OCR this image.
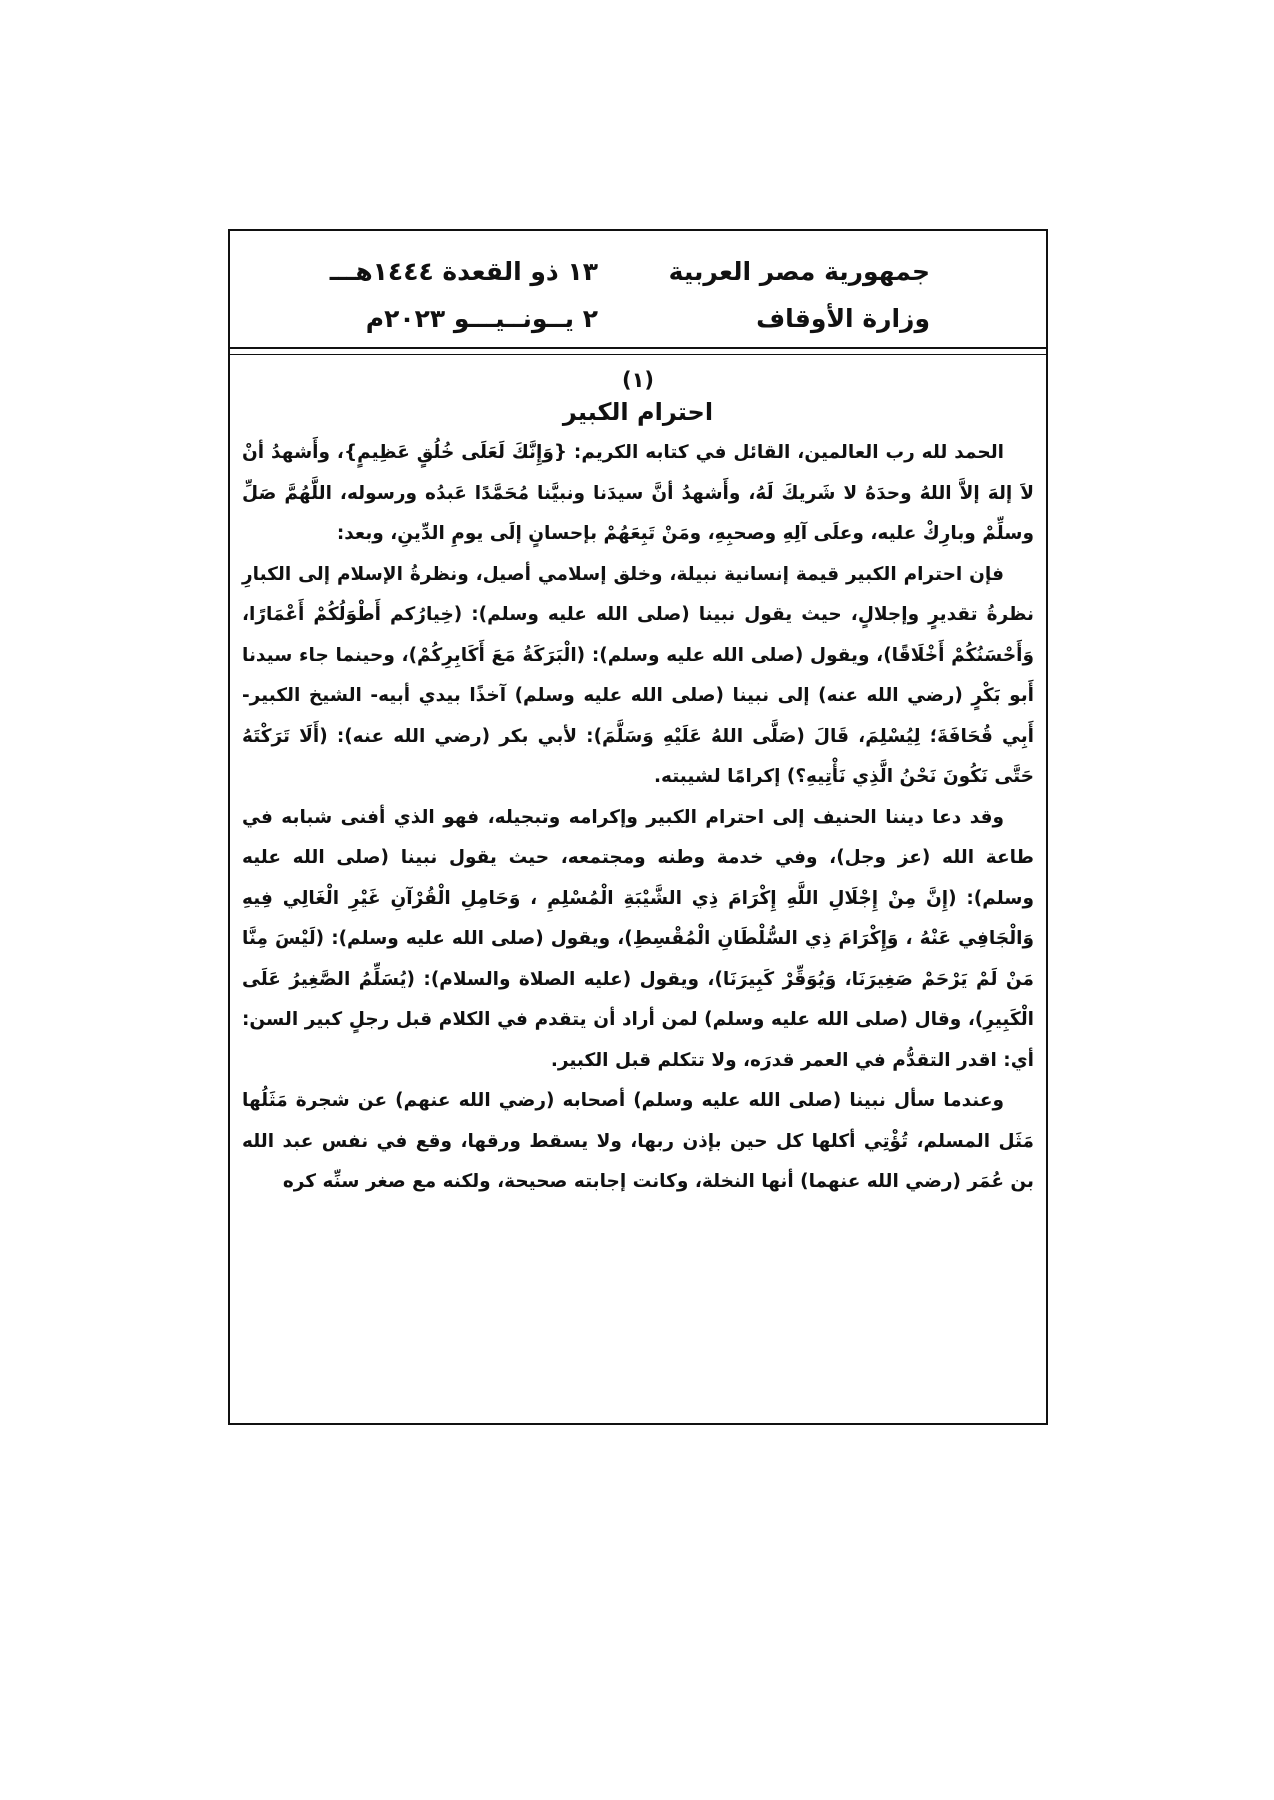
جمهورية مصر العربية
وزارة الأوقاف
١٣ ذو القعدة ١٤٤٤هـــ
٢ يــونــيـــو ٢٠٢٣م
(١)
احترام الكبير

الحمد لله رب العالمين، القائل في كتابه الكريم: {وَإِنَّكَ لَعَلَى خُلُقٍ عَظِيمٍ}، وأَشهدُ أنْ لاَ إلهَ إلاَّ اللهُ وحدَهُ لا شَريكَ لَهُ، وأَشهدُ أنَّ سيدَنا ونبيَّنا مُحَمَّدًا عَبدُه ورسوله، اللَّهُمَّ صَلِّ وسلِّمْ وبارِكْ عليه، وعلَى آلِهِ وصحبِهِ، ومَنْ تَبِعَهُمْ بإحسانٍ إلَى يومِ الدِّينِ، وبعد:

فإن احترام الكبير قيمة إنسانية نبيلة، وخلق إسلامي أصيل، ونظرةُ الإسلام إلى الكبارِ نظرةُ تقديرٍ وإجلالٍ، حيث يقول نبينا (صلى الله عليه وسلم): (خِيارُكم أَطْوَلُكُمْ أَعْمَارًا، وَأَحْسَنُكُمْ أَخْلَاقًا)، ويقول (صلى الله عليه وسلم): (الْبَرَكَةُ مَعَ أَكَابِرِكُمْ)، وحينما جاء سيدنا أَبو بَكْرٍ (رضي الله عنه) إلى نبينا (صلى الله عليه وسلم) آخذًا بيدي أبيه- الشيخ الكبير- أَبِي قُحَافَةَ؛ لِيُسْلِمَ، قَالَ (صَلَّى اللهُ عَلَيْهِ وَسَلَّمَ): لأبي بكر (رضي الله عنه): (أَلَا تَرَكْتَهُ حَتَّى نَكُونَ نَحْنُ الَّذِي نَأْتِيهِ؟) إكرامًا لشيبته.

وقد دعا ديننا الحنيف إلى احترام الكبير وإكرامه وتبجيله، فهو الذي أفنى شبابه في طاعة الله (عز وجل)، وفي خدمة وطنه ومجتمعه، حيث يقول نبينا (صلى الله عليه وسلم): (إِنَّ مِنْ إِجْلَالِ اللَّهِ إِكْرَامَ ذِي الشَّيْبَةِ الْمُسْلِمِ ، وَحَامِلِ الْقُرْآنِ غَيْرِ الْغَالِي فِيهِ وَالْجَافِي عَنْهُ ، وَإِكْرَامَ ذِي السُّلْطَانِ الْمُقْسِطِ)، ويقول (صلى الله عليه وسلم): (لَيْسَ مِنَّا مَنْ لَمْ يَرْحَمْ صَغِيرَنَا، وَيُوَقِّرْ كَبِيرَنَا)، ويقول (عليه الصلاة والسلام): (يُسَلِّمُ الصَّغِيرُ عَلَى الْكَبِيرِ)، وقال (صلى الله عليه وسلم) لمن أراد أن يتقدم في الكلام قبل رجلٍ كبير السن: أي: اقدر التقدُّم في العمر قدرَه، ولا تتكلم قبل الكبير.

وعندما سأل نبينا (صلى الله عليه وسلم) أصحابه (رضي الله عنهم) عن شجرة مَثَلُها مَثَل المسلم، تُؤْتِي أكلها كل حين بإذن ربها، ولا يسقط ورقها، وقع في نفس عبد الله بن عُمَر (رضي الله عنهما) أنها النخلة، وكانت إجابته صحيحة، ولكنه مع صغر سنِّه كره
